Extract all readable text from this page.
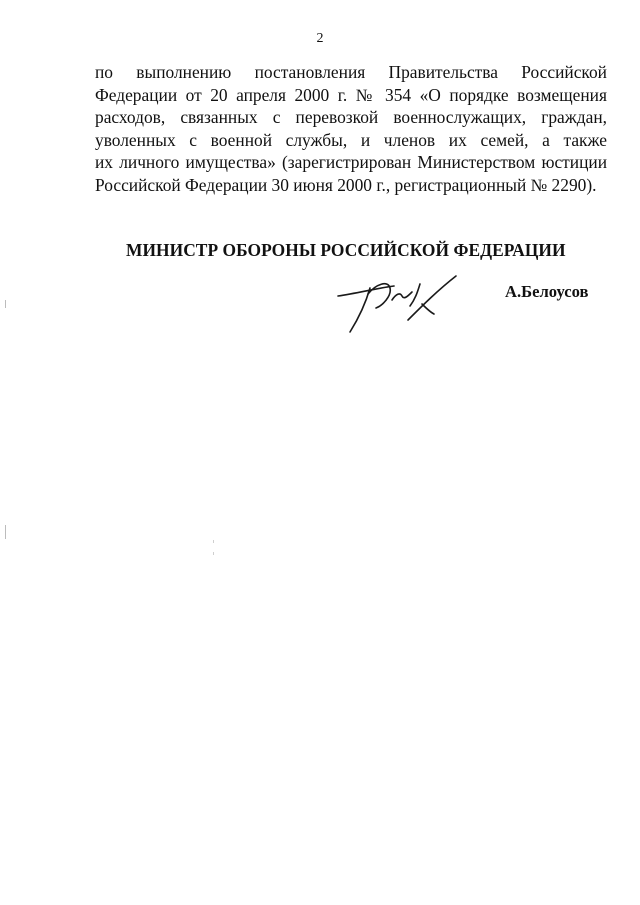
2
по выполнению постановления Правительства Российской
Федерации от 20 апреля 2000 г. № 354 «О порядке возмещения
расходов, связанных с перевозкой военнослужащих, граждан,
уволенных с военной службы, и членов их семей, а также
их личного имущества» (зарегистрирован Министерством юстиции
Российской Федерации 30 июня 2000 г., регистрационный № 2290).
МИНИСТР ОБОРОНЫ РОССИЙСКОЙ ФЕДЕРАЦИИ
А.Белоусов
